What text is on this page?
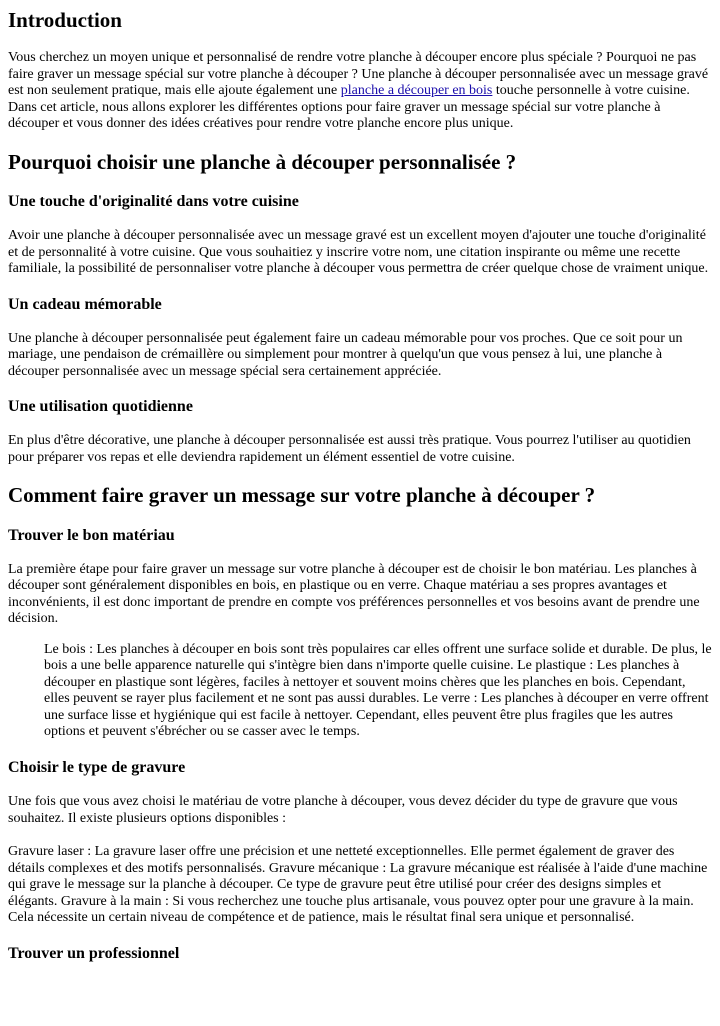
Introduction

Vous cherchez un moyen unique et personnalisé de rendre votre planche à découper encore plus spéciale ? Pourquoi ne pas faire graver un message spécial sur votre planche à découper ? Une planche à découper personnalisée avec un message gravé est non seulement pratique, mais elle ajoute également une planche a découper en bois touche personnelle à votre cuisine. Dans cet article, nous allons explorer les différentes options pour faire graver un message spécial sur votre planche à découper et vous donner des idées créatives pour rendre votre planche encore plus unique.

Pourquoi choisir une planche à découper personnalisée ?
Une touche d'originalité dans votre cuisine

Avoir une planche à découper personnalisée avec un message gravé est un excellent moyen d'ajouter une touche d'originalité et de personnalité à votre cuisine. Que vous souhaitiez y inscrire votre nom, une citation inspirante ou même une recette familiale, la possibilité de personnaliser votre planche à découper vous permettra de créer quelque chose de vraiment unique.

Un cadeau mémorable

Une planche à découper personnalisée peut également faire un cadeau mémorable pour vos proches. Que ce soit pour un mariage, une pendaison de crémaillère ou simplement pour montrer à quelqu'un que vous pensez à lui, une planche à découper personnalisée avec un message spécial sera certainement appréciée.

Une utilisation quotidienne

En plus d'être décorative, une planche à découper personnalisée est aussi très pratique. Vous pourrez l'utiliser au quotidien pour préparer vos repas et elle deviendra rapidement un élément essentiel de votre cuisine.

Comment faire graver un message sur votre planche à découper ?
Trouver le bon matériau

La première étape pour faire graver un message sur votre planche à découper est de choisir le bon matériau. Les planches à découper sont généralement disponibles en bois, en plastique ou en verre. Chaque matériau a ses propres avantages et inconvénients, il est donc important de prendre en compte vos préférences personnelles et vos besoins avant de prendre une décision.

Le bois : Les planches à découper en bois sont très populaires car elles offrent une surface solide et durable. De plus, le bois a une belle apparence naturelle qui s'intègre bien dans n'importe quelle cuisine. Le plastique : Les planches à découper en plastique sont légères, faciles à nettoyer et souvent moins chères que les planches en bois. Cependant, elles peuvent se rayer plus facilement et ne sont pas aussi durables. Le verre : Les planches à découper en verre offrent une surface lisse et hygiénique qui est facile à nettoyer. Cependant, elles peuvent être plus fragiles que les autres options et peuvent s'ébrécher ou se casser avec le temps.
Choisir le type de gravure

Une fois que vous avez choisi le matériau de votre planche à découper, vous devez décider du type de gravure que vous souhaitez. Il existe plusieurs options disponibles :

Gravure laser : La gravure laser offre une précision et une netteté exceptionnelles. Elle permet également de graver des détails complexes et des motifs personnalisés. Gravure mécanique : La gravure mécanique est réalisée à l'aide d'une machine qui grave le message sur la planche à découper. Ce type de gravure peut être utilisé pour créer des designs simples et élégants. Gravure à la main : Si vous recherchez une touche plus artisanale, vous pouvez opter pour une gravure à la main. Cela nécessite un certain niveau de compétence et de patience, mais le résultat final sera unique et personnalisé.

Trouver un professionnel
